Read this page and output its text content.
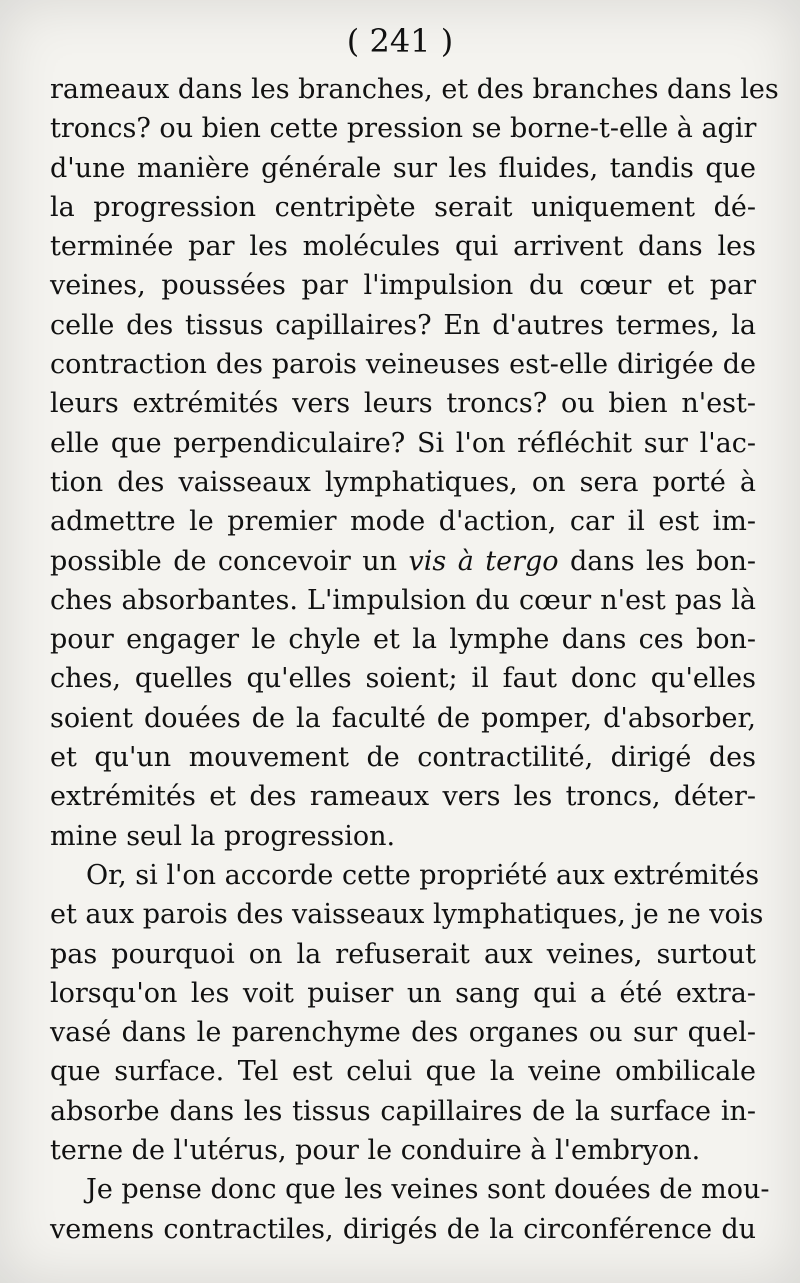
( 241 )
rameaux dans les branches, et des branches dans les
troncs? ou bien cette pression se borne-t-elle à agir
d'une manière générale sur les fluides, tandis que
la progression centripète serait uniquement dé-
terminée par les molécules qui arrivent dans les
veines, poussées par l'impulsion du cœur et par
celle des tissus capillaires? En d'autres termes, la
contraction des parois veineuses est-elle dirigée de
leurs extrémités vers leurs troncs? ou bien n'est-
elle que perpendiculaire? Si l'on réfléchit sur l'ac-
tion des vaisseaux lymphatiques, on sera porté à
admettre le premier mode d'action, car il est im-
possible de concevoir un vis à tergo dans les bon-
ches absorbantes. L'impulsion du cœur n'est pas là
pour engager le chyle et la lymphe dans ces bon-
ches, quelles qu'elles soient; il faut donc qu'elles
soient douées de la faculté de pomper, d'absorber,
et qu'un mouvement de contractilité, dirigé des
extrémités et des rameaux vers les troncs, déter-
mine seul la progression.
Or, si l'on accorde cette propriété aux extrémités
et aux parois des vaisseaux lymphatiques, je ne vois
pas pourquoi on la refuserait aux veines, surtout
lorsqu'on les voit puiser un sang qui a été extra-
vasé dans le parenchyme des organes ou sur quel-
que surface. Tel est celui que la veine ombilicale
absorbe dans les tissus capillaires de la surface in-
terne de l'utérus, pour le conduire à l'embryon.
Je pense donc que les veines sont douées de mou-
vemens contractiles, dirigés de la circonférence du
